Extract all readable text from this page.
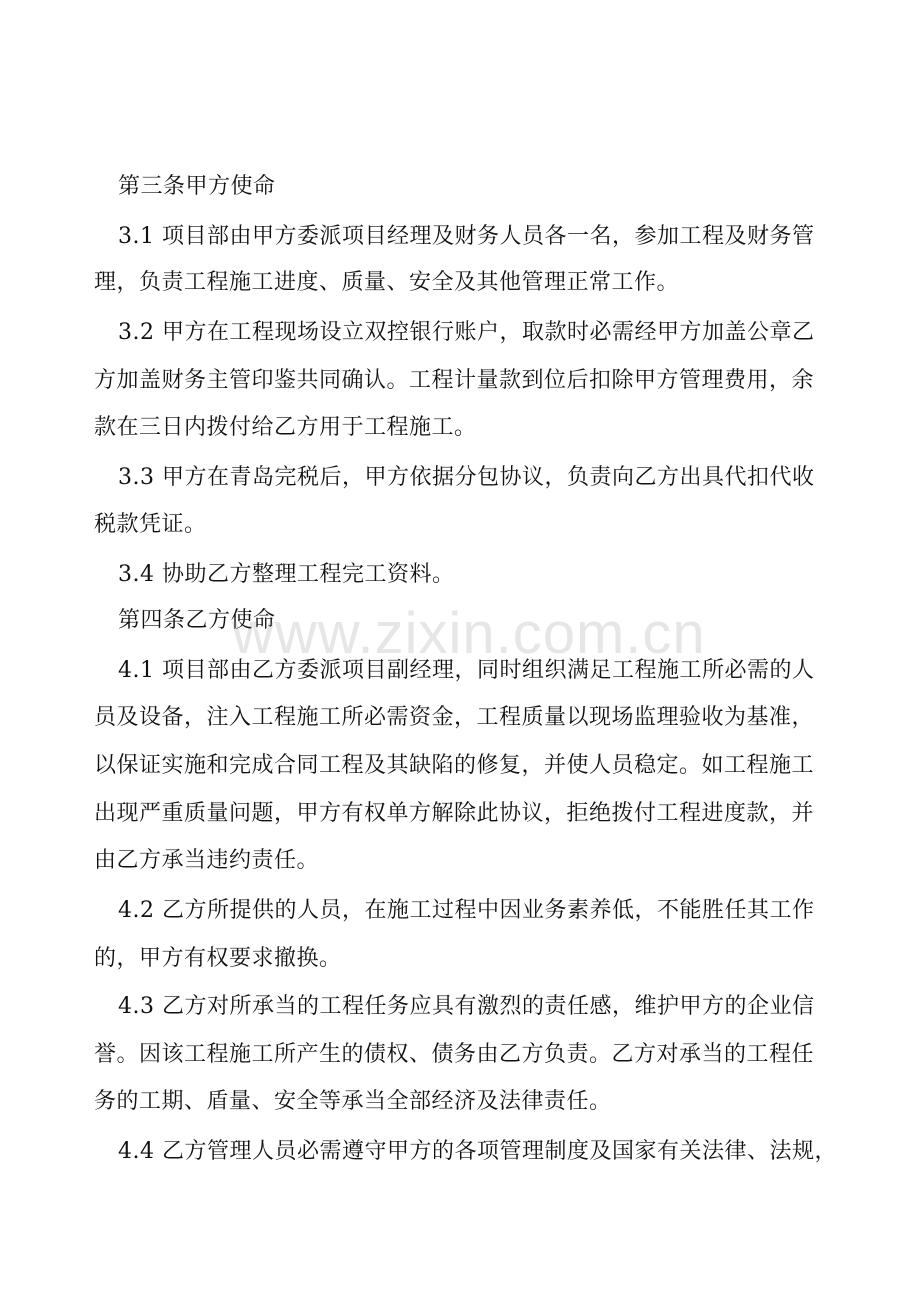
第三条甲方使命
3.1 项目部由甲方委派项目经理及财务人员各一名，参加工程及财务管
理，负责工程施工进度、质量、安全及其他管理正常工作。
3.2 甲方在工程现场设立双控银行账户，取款时必需经甲方加盖公章乙
方加盖财务主管印鉴共同确认。工程计量款到位后扣除甲方管理费用，余
款在三日内拨付给乙方用于工程施工。
3.3 甲方在青岛完税后，甲方依据分包协议，负责向乙方出具代扣代收
税款凭证。
3.4 协助乙方整理工程完工资料。
第四条乙方使命
4.1 项目部由乙方委派项目副经理，同时组织满足工程施工所必需的人
员及设备，注入工程施工所必需资金，工程质量以现场监理验收为基准，
以保证实施和完成合同工程及其缺陷的修复，并使人员稳定。如工程施工
出现严重质量问题，甲方有权单方解除此协议，拒绝拨付工程进度款，并
由乙方承当违约责任。
4.2 乙方所提供的人员，在施工过程中因业务素养低，不能胜任其工作
的，甲方有权要求撤换。
4.3 乙方对所承当的工程任务应具有激烈的责任感，维护甲方的企业信
誉。因该工程施工所产生的债权、债务由乙方负责。乙方对承当的工程任
务的工期、盾量、安全等承当全部经济及法律责任。
4.4 乙方管理人员必需遵守甲方的各项管理制度及国家有关法律、法规，
www.zixin.com.cn
